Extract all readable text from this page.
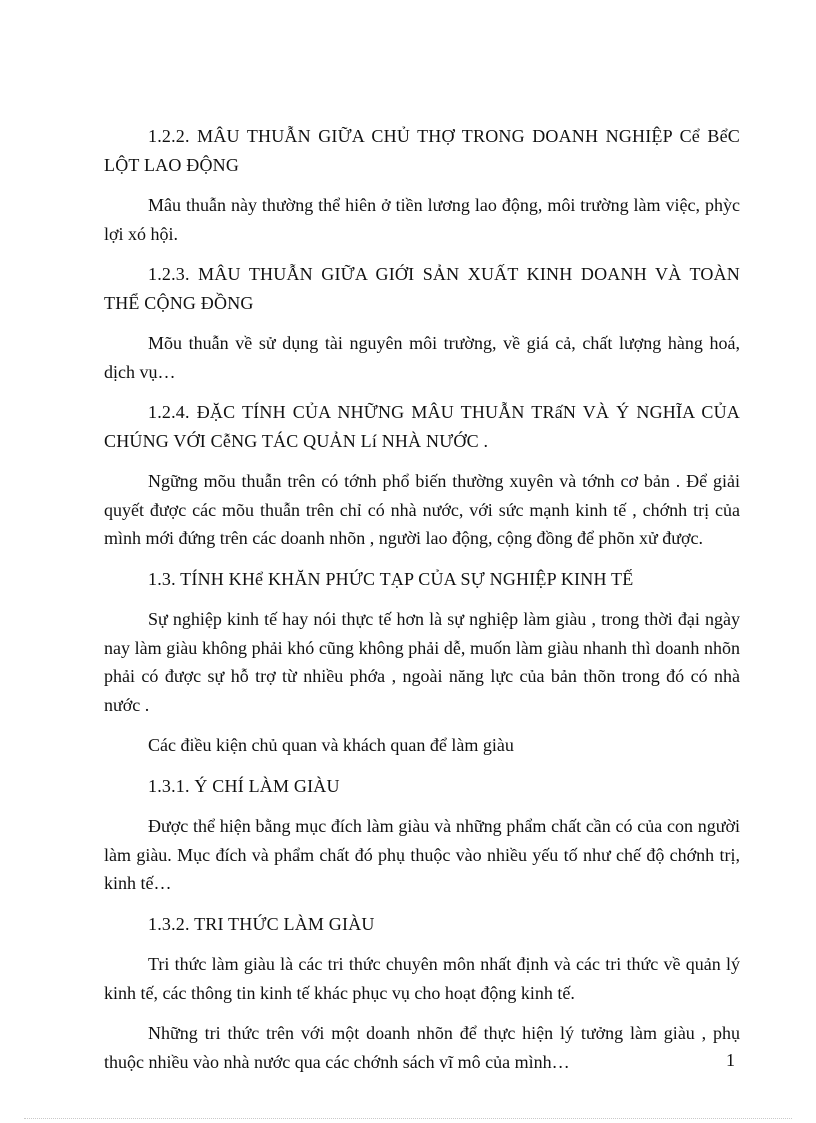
1.2.2. MÂU THUẪN GIỮA CHỦ THỢ TRONG DOANH NGHIỆP Cể BểC LỘT LAO ĐỘNG

Mâu thuẫn này thường thể hiên ở tiền lương lao động, môi trường làm việc, phỳc lợi xó hội.

1.2.3. MÂU THUẪN GIỮA GIỚI SẢN XUẤT KINH DOANH VÀ TOÀN THỂ CỘNG ĐỒNG

Mõu thuẫn về sử dụng tài nguyên môi trường, về giá cả, chất lượng hàng hoá, dịch vụ…

1.2.4. ĐẶC TÍNH CỦA NHỮNG MÂU THUẪN TRấN VÀ Ý NGHĨA CỦA CHÚNG VỚI CễNG TÁC QUẢN Lí NHÀ NƯỚC .

Ngững mõu thuẫn trên có tớnh phổ biến thường xuyên và tớnh cơ bản . Để giải quyết được các mõu thuẫn trên chỉ có nhà nước, với sức mạnh kinh tế , chớnh trị của mình mới đứng trên các doanh nhõn , người lao động, cộng đồng để phõn xử được.

1.3. TÍNH KHể KHĂN PHỨC TẠP CỦA SỰ NGHIỆP KINH TẾ

Sự nghiệp kinh tế hay nói thực tế hơn là sự nghiệp làm giàu , trong thời đại ngày nay làm giàu không phải khó cũng không phải dễ, muốn làm giàu nhanh thì doanh nhõn phải có được sự hỗ trợ từ nhiều phớa , ngoài năng lực của bản thõn trong đó có nhà nước .

Các điều kiện chủ quan và khách quan để làm giàu

1.3.1. Ý CHÍ LÀM GIÀU

Được thể hiện bằng mục đích làm giàu và những phẩm chất cần có của con người làm giàu. Mục đích và phẩm chất đó phụ thuộc vào nhiều yếu tố như chế độ chớnh trị, kinh tế…

1.3.2. TRI THỨC LÀM GIÀU

Tri thức làm giàu là các tri thức chuyên môn nhất định và các tri thức về quản lý kinh tế, các thông tin kinh tế khác phục vụ cho hoạt động kinh tế.

Những tri thức trên với một doanh nhõn để thực hiện lý tưởng làm giàu , phụ thuộc nhiều vào nhà nước qua các chớnh sách vĩ mô của mình…	1
